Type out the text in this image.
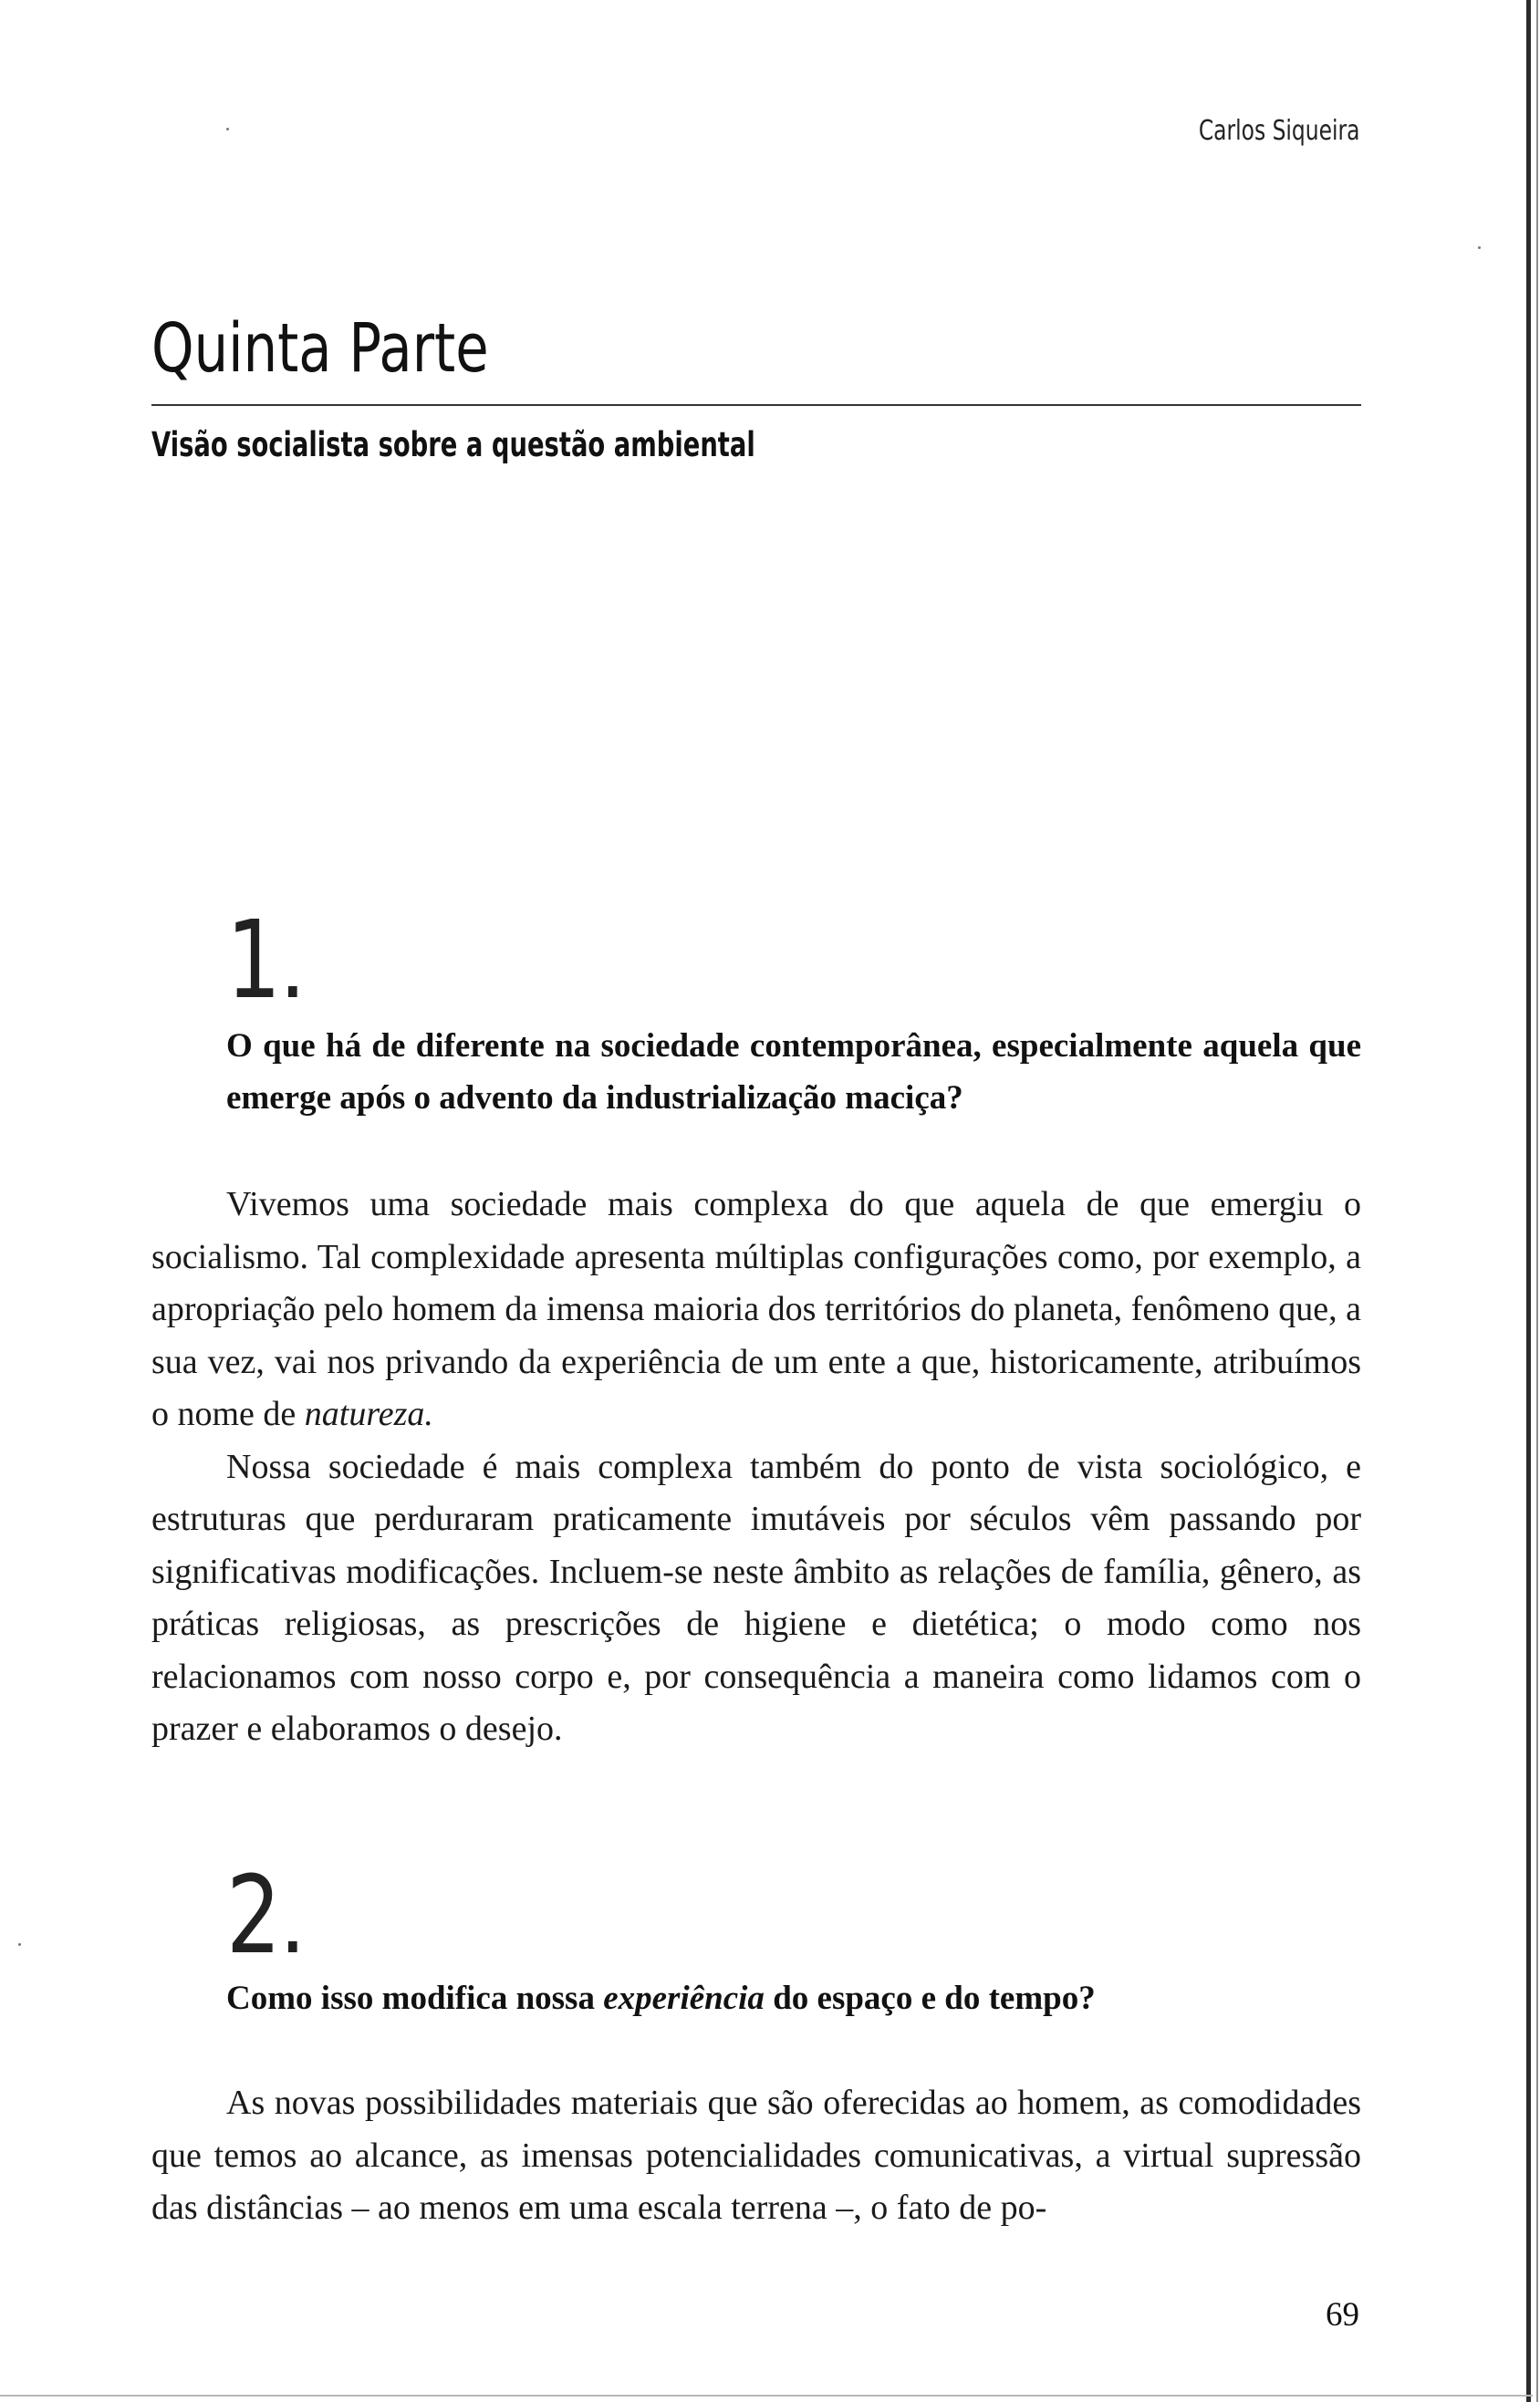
Carlos Siqueira
Quinta Parte
Visão socialista sobre a questão ambiental
1

O que há de diferente na sociedade contemporânea, especialmente aquela que emerge após o advento da industrialização maciça?

Vivemos uma sociedade mais complexa do que aquela de que emergiu o socialismo. Tal complexidade apresenta múltiplas configurações como, por exemplo, a apropriação pelo homem da imensa maioria dos territórios do planeta, fenômeno que, a sua vez, vai nos privando da experiência de um ente a que, historicamente, atribuímos o nome de natureza.

Nossa sociedade é mais complexa também do ponto de vista sociológico, e estruturas que perduraram praticamente imutáveis por séculos vêm passando por significativas modificações. Incluem-se neste âmbito as relações de família, gênero, as práticas religiosas, as prescrições de higiene e dietética; o modo como nos relacionamos com nosso corpo e, por consequência a maneira como lidamos com o prazer e elaboramos o desejo.

2

Como isso modifica nossa experiência do espaço e do tempo?

As novas possibilidades materiais que são oferecidas ao homem, as comodidades que temos ao alcance, as imensas potencialidades comunicativas, a virtual supressão das distâncias – ao menos em uma escala terrena –, o fato de po-

69
